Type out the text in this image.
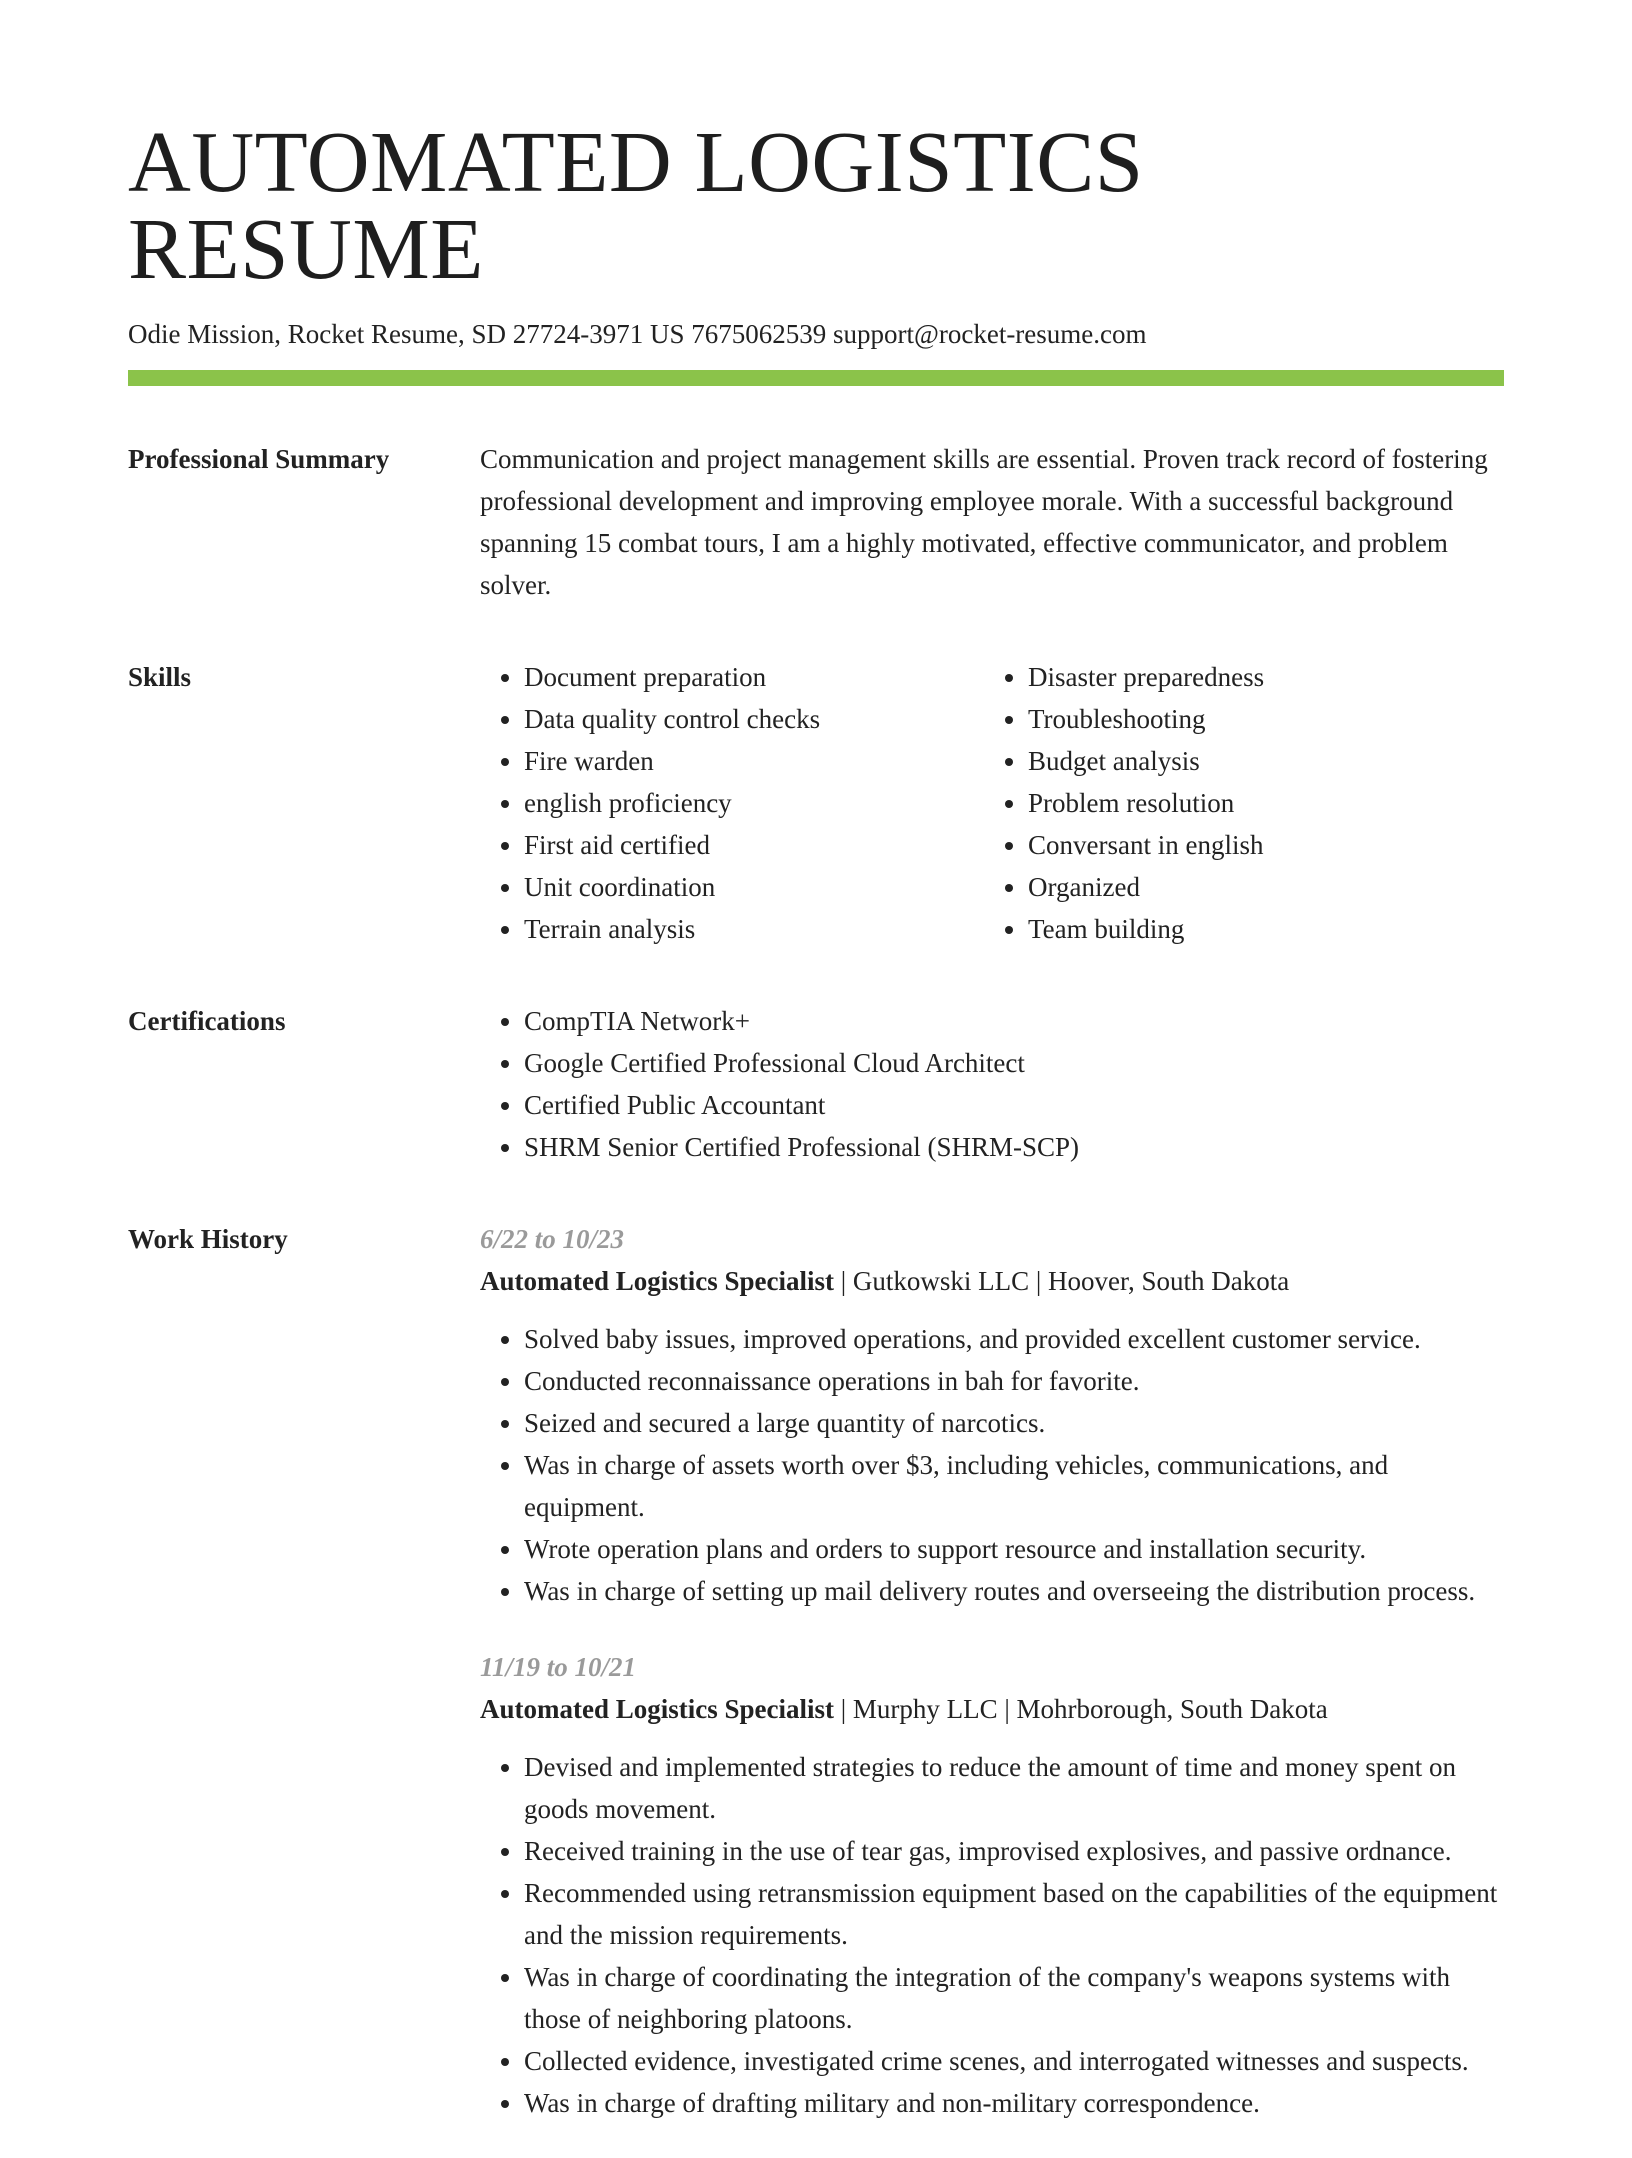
AUTOMATED LOGISTICS RESUME
Odie Mission, Rocket Resume, SD 27724-3971 US 7675062539 support@rocket-resume.com
Professional Summary	Communication and project management skills are essential. Proven track record of fostering professional development and improving employee morale. With a successful background spanning 15 combat tours, I am a highly motivated, effective communicator, and problem solver.

Skills	• Document preparation
• Data quality control checks
• Fire warden
• english proficiency
• First aid certified
• Unit coordination
• Terrain analysis
• Disaster preparedness
• Troubleshooting
• Budget analysis
• Problem resolution
• Conversant in english
• Organized
• Team building
Certifications	• CompTIA Network+
• Google Certified Professional Cloud Architect
• Certified Public Accountant
• SHRM Senior Certified Professional (SHRM-SCP)
Work History	6/22 to 10/23
Automated Logistics Specialist | Gutkowski LLC | Hoover, South Dakota
• Solved baby issues, improved operations, and provided excellent customer service.
• Conducted reconnaissance operations in bah for favorite.
• Seized and secured a large quantity of narcotics.
• Was in charge of assets worth over $3, including vehicles, communications, and equipment.
• Wrote operation plans and orders to support resource and installation security.
• Was in charge of setting up mail delivery routes and overseeing the distribution process.
11/19 to 10/21
Automated Logistics Specialist | Murphy LLC | Mohrborough, South Dakota
• Devised and implemented strategies to reduce the amount of time and money spent on goods movement.
• Received training in the use of tear gas, improvised explosives, and passive ordnance.
• Recommended using retransmission equipment based on the capabilities of the equipment and the mission requirements.
• Was in charge of coordinating the integration of the company's weapons systems with those of neighboring platoons.
• Collected evidence, investigated crime scenes, and interrogated witnesses and suspects.
• Was in charge of drafting military and non-military correspondence.
